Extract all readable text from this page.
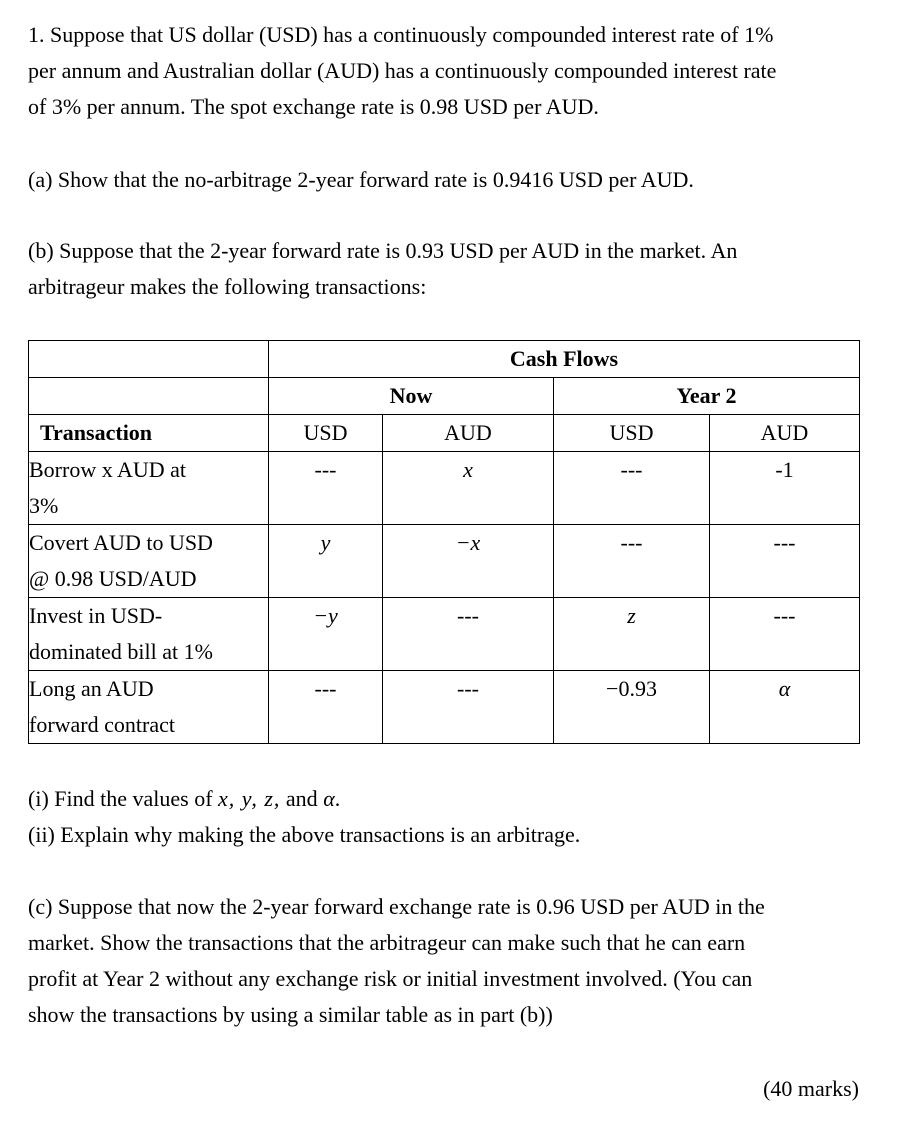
1. Suppose that US dollar (USD) has a continuously compounded interest rate of 1%
per annum and Australian dollar (AUD) has a continuously compounded interest rate
of 3% per annum. The spot exchange rate is 0.98 USD per AUD.
(a) Show that the no-arbitrage 2-year forward rate is 0.9416 USD per AUD.
(b) Suppose that the 2-year forward rate is 0.93 USD per AUD in the market. An
arbitrageur makes the following transactions:
	Cash Flows			
	Now		Year 2	
Transaction	USD	AUD	USD	AUD

Borrow x AUD at
3%	---	x	---	-1

Covert AUD to USD
@ 0.98 USD/AUD	y	−x	---	---

Invest in USD-
dominated bill at 1%	−y	---	z	---

Long an AUD
forward contract	---	---	−0.93	α
(i) Find the values of x, y, z, and α.
(ii) Explain why making the above transactions is an arbitrage.
(c) Suppose that now the 2-year forward exchange rate is 0.96 USD per AUD in the
market. Show the transactions that the arbitrageur can make such that he can earn
profit at Year 2 without any exchange risk or initial investment involved. (You can
show the transactions by using a similar table as in part (b))
(40 marks)
